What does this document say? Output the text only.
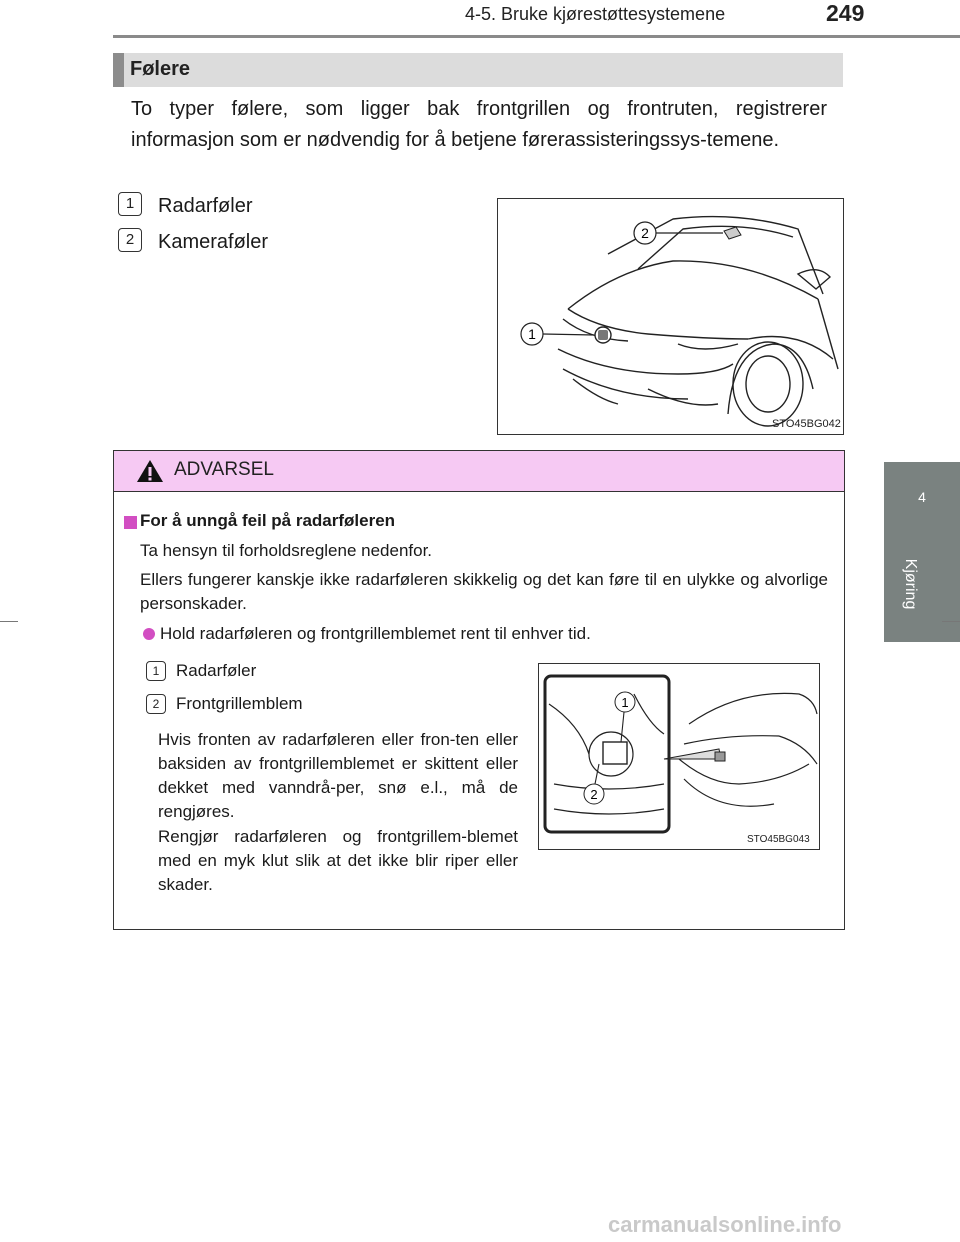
4-5. Bruke kjørestøttesystemene	249
4
Kjøring
Følere
To typer følere, som ligger bak frontgrillen og frontruten, registrerer informasjon som er nødvendig for å betjene førerassisteringssys-temene.
1	Radarføler
2	Kameraføler
1
2
STO45BG042
ADVARSEL
For å unngå feil på radarføleren
Ta hensyn til forholdsreglene nedenfor.
Ellers fungerer kanskje ikke radarføleren skikkelig og det kan føre til en ulykke og alvorlige personskader.
Hold radarføleren og frontgrillemblemet rent til enhver tid.
1 Radarføler
2 Frontgrillemblem
Hvis fronten av radarføleren eller fron-ten eller baksiden av frontgrillemblemet er skittent eller dekket med vanndrå-per, snø e.l., må de rengjøres.
Rengjør radarføleren og frontgrillem-blemet med en myk klut slik at det ikke blir riper eller skader.
1
2
STO45BG043
carmanualsonline.info
